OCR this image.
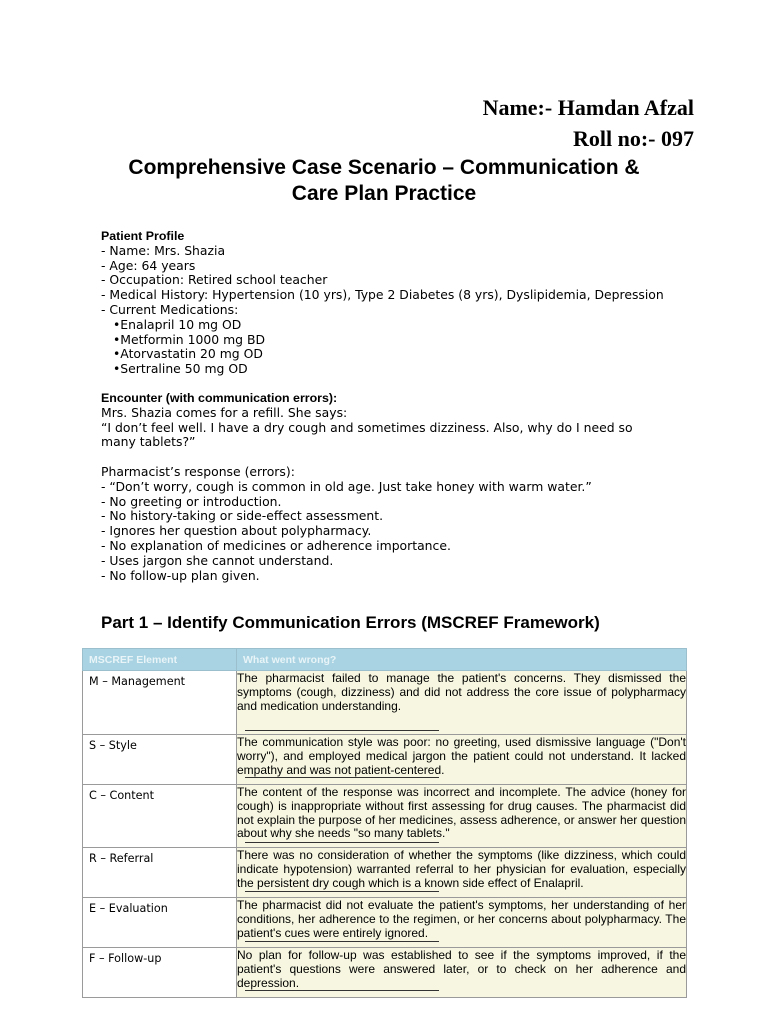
Name:- Hamdan Afzal
Roll no:- 097
Comprehensive Case Scenario – Communication &
Care Plan Practice
Patient Profile
- Name: Mrs. Shazia
- Age: 64 years
- Occupation: Retired school teacher
- Medical History: Hypertension (10 yrs), Type 2 Diabetes (8 yrs), Dyslipidemia, Depression
- Current Medications:
•Enalapril 10 mg OD
•Metformin 1000 mg BD
•Atorvastatin 20 mg OD
•Sertraline 50 mg OD
Encounter (with communication errors):
Mrs. Shazia comes for a refill. She says:
“I don’t feel well. I have a dry cough and sometimes dizziness. Also, why do I need so many tablets?”
Pharmacist’s response (errors):
- “Don’t worry, cough is common in old age. Just take honey with warm water.”
- No greeting or introduction.
- No history-taking or side-effect assessment.
- Ignores her question about polypharmacy.
- No explanation of medicines or adherence importance.
- Uses jargon she cannot understand.
- No follow-up plan given.
Part 1 – Identify Communication Errors (MSCREF Framework)
MSCREF Element	What went wrong?
M – Management	The pharmacist failed to manage the patient's concerns. They dismissed the symptoms (cough, dizziness) and did not address the core issue of polypharmacy and medication understanding.

S – Style	The communication style was poor: no greeting, used dismissive language ("Don't worry"), and employed medical jargon the patient could not understand. It lacked empathy and was not patient-centered.

C – Content	The content of the response was incorrect and incomplete. The advice (honey for cough) is inappropriate without first assessing for drug causes. The pharmacist did not explain the purpose of her medicines, assess adherence, or answer her question about why she needs "so many tablets."

R – Referral	There was no consideration of whether the symptoms (like dizziness, which could indicate hypotension) warranted referral to her physician for evaluation, especially the persistent dry cough which is a known side effect of Enalapril.

E – Evaluation	The pharmacist did not evaluate the patient's symptoms, her understanding of her conditions, her adherence to the regimen, or her concerns about polypharmacy. The patient's cues were entirely ignored.

F – Follow-up	No plan for follow-up was established to see if the symptoms improved, if the patient's questions were answered later, or to check on her adherence and depression.
